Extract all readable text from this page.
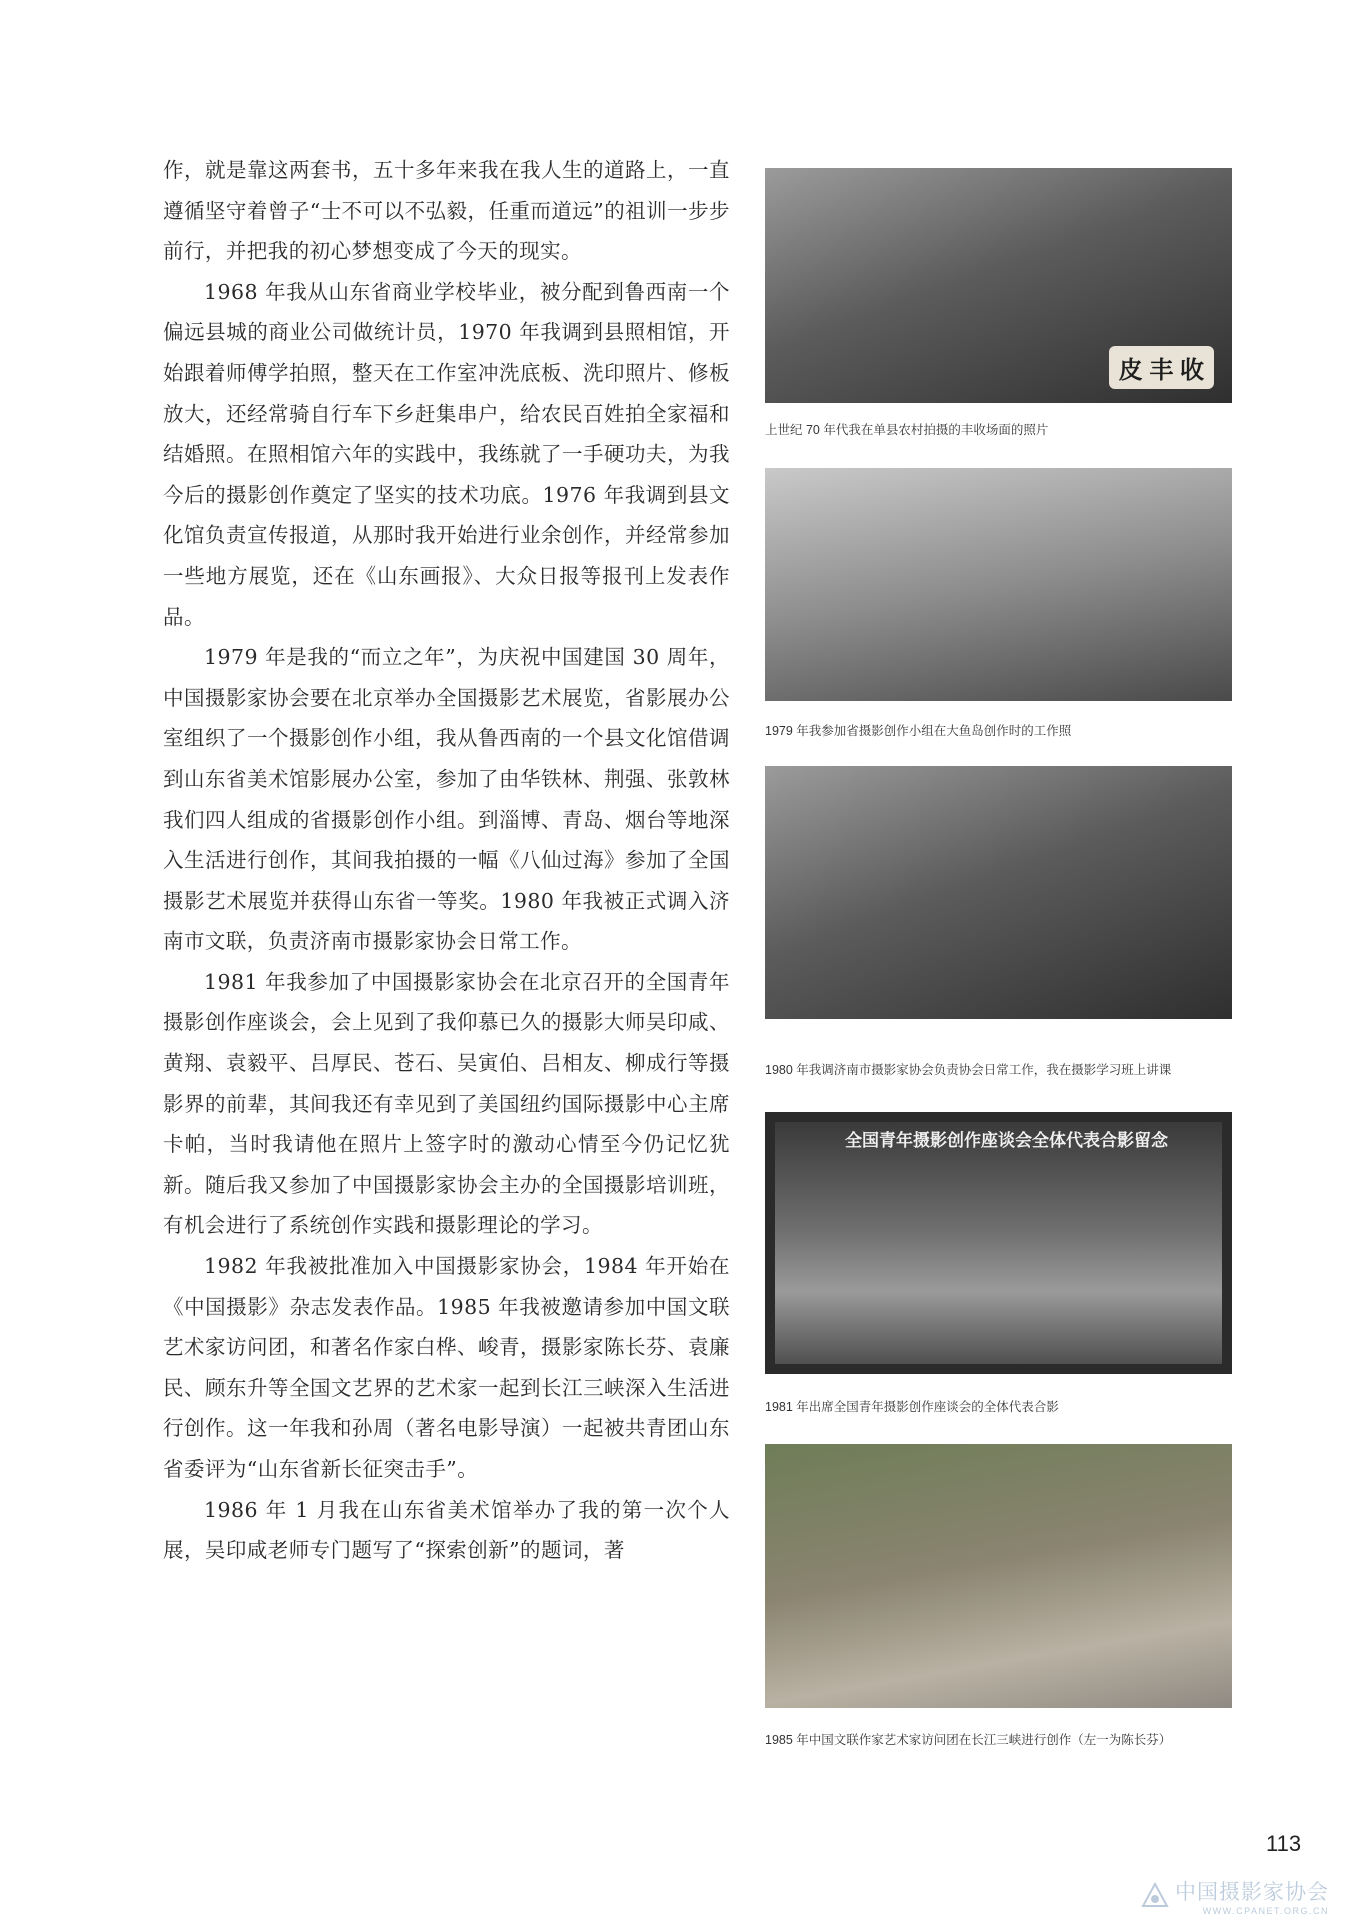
作，就是靠这两套书，五十多年来我在我人生的道路上，一直遵循坚守着曾子“士不可以不弘毅，任重而道远”的祖训一步步前行，并把我的初心梦想变成了今天的现实。

1968 年我从山东省商业学校毕业，被分配到鲁西南一个偏远县城的商业公司做统计员，1970 年我调到县照相馆，开始跟着师傅学拍照，整天在工作室冲洗底板、洗印照片、修板放大，还经常骑自行车下乡赶集串户，给农民百姓拍全家福和结婚照。在照相馆六年的实践中，我练就了一手硬功夫，为我今后的摄影创作奠定了坚实的技术功底。1976 年我调到县文化馆负责宣传报道，从那时我开始进行业余创作，并经常参加一些地方展览，还在《山东画报》、大众日报等报刊上发表作品。

1979 年是我的“而立之年”，为庆祝中国建国 30 周年，中国摄影家协会要在北京举办全国摄影艺术展览，省影展办公室组织了一个摄影创作小组，我从鲁西南的一个县文化馆借调到山东省美术馆影展办公室，参加了由华铁林、荆强、张敦林我们四人组成的省摄影创作小组。到淄博、青岛、烟台等地深入生活进行创作，其间我拍摄的一幅《八仙过海》参加了全国摄影艺术展览并获得山东省一等奖。1980 年我被正式调入济南市文联，负责济南市摄影家协会日常工作。

1981 年我参加了中国摄影家协会在北京召开的全国青年摄影创作座谈会，会上见到了我仰慕已久的摄影大师吴印咸、黄翔、袁毅平、吕厚民、苍石、吴寅伯、吕相友、柳成行等摄影界的前辈，其间我还有幸见到了美国纽约国际摄影中心主席卡帕，当时我请他在照片上签字时的激动心情至今仍记忆犹新。随后我又参加了中国摄影家协会主办的全国摄影培训班，有机会进行了系统创作实践和摄影理论的学习。

1982 年我被批准加入中国摄影家协会，1984 年开始在《中国摄影》杂志发表作品。1985 年我被邀请参加中国文联艺术家访问团，和著名作家白桦、峻青，摄影家陈长芬、袁廉民、顾东升等全国文艺界的艺术家一起到长江三峡深入生活进行创作。这一年我和孙周（著名电影导演）一起被共青团山东省委评为“山东省新长征突击手”。

1986 年 1 月我在山东省美术馆举办了我的第一次个人展，吴印咸老师专门题写了“探索创新”的题词，著

皮 丰 收
上世纪 70 年代我在单县农村拍摄的丰收场面的照片
1979 年我参加省摄影创作小组在大鱼岛创作时的工作照
1980 年我调济南市摄影家协会负责协会日常工作，我在摄影学习班上讲课
全国青年摄影创作座谈会全体代表合影留念
1981 年出席全国青年摄影创作座谈会的全体代表合影
1985 年中国文联作家艺术家访问团在长江三峡进行创作（左一为陈长芬）
113
中国摄影家协会
WWW.CPANET.ORG.CN
